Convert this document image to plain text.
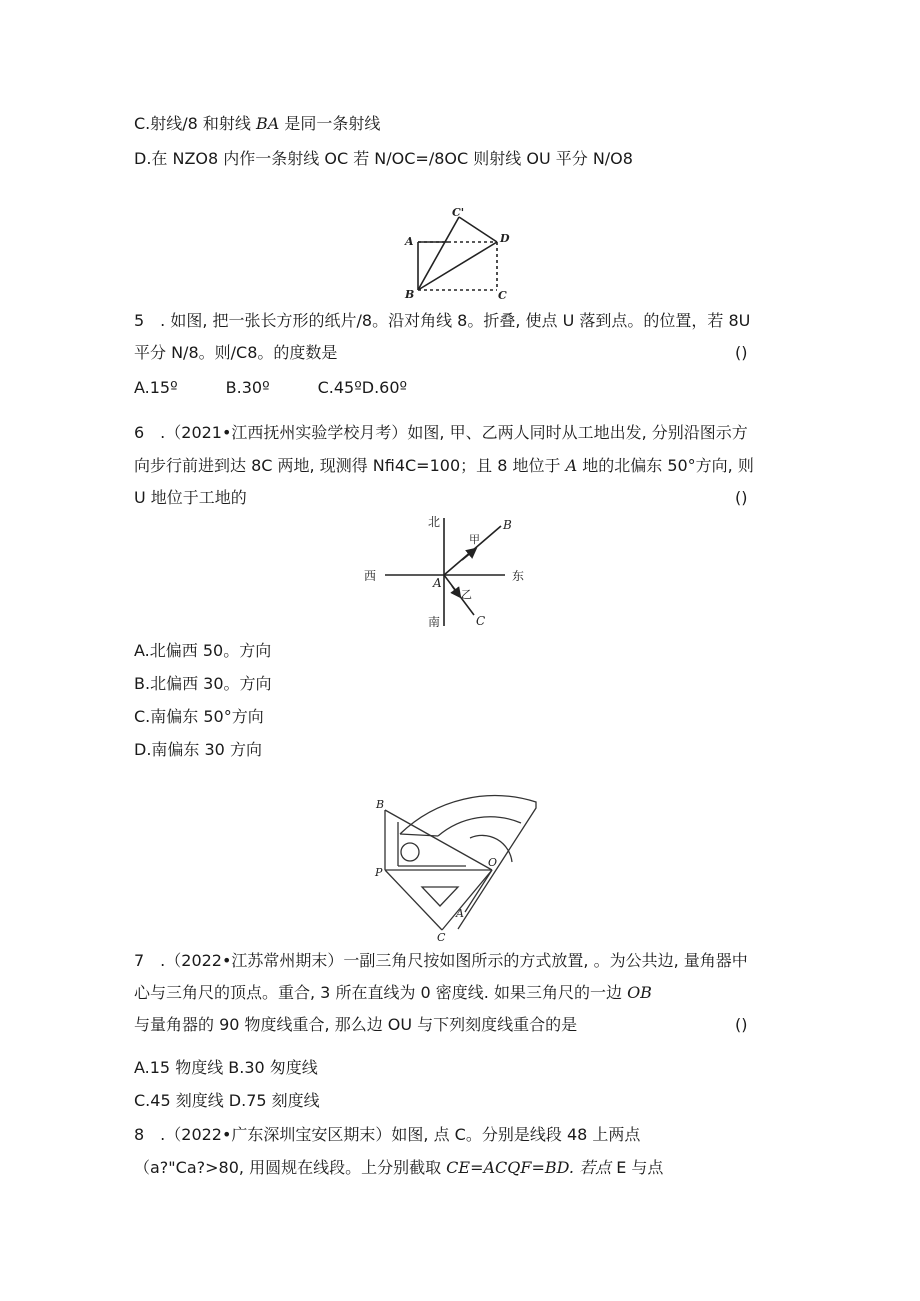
C.射线/8 和射线 BA 是同一条射线
D.在 NZO8 内作一条射线 OC 若 N∕OC=∕8OC 则射线 OU 平分 N∕O8
A
B	C
D
C'
5　. 如图, 把一张长方形的纸片/8。沿对角线 8。折叠, 使点 U 落到点。的位置，若 8U
平分 N/8。则/C8。的度数是	()
A.15º　　　B.30º　　　C.45ºD.60º
6　.（2021•江西抚州实验学校月考）如图, 甲、乙两人同时从工地出发, 分别沿图示方
向步行前进到达 8C 两地, 现测得 Nfi4C=100；且 8 地位于 A 地的北偏东 50°方向, 则
U 地位于工地的	()
北
南
西	东
A
B
C
甲
乙
A.北偏西 50。方向
B.北偏西 30。方向
C.南偏东 50°方向
D.南偏东 30 方向
B
P
O
A
C
7　.（2022•江苏常州期末）一副三角尺按如图所示的方式放置, 。为公共边, 量角器中
心与三角尺的顶点。重合, 3 所在直线为 0 密度线. 如果三角尺的一边 OB
与量角器的 90 物度线重合, 那么边 OU 与下列刻度线重合的是	()
A.15 物度线 B.30 匆度线
C.45 刻度线 D.75 刻度线
8　.（2022•广东深圳宝安区期末）如图, 点 C。分别是线段 48 上两点
（a?"Ca?>80, 用圆规在线段。上分别截取 CE=ACQF=BD. 若点 E 与点
